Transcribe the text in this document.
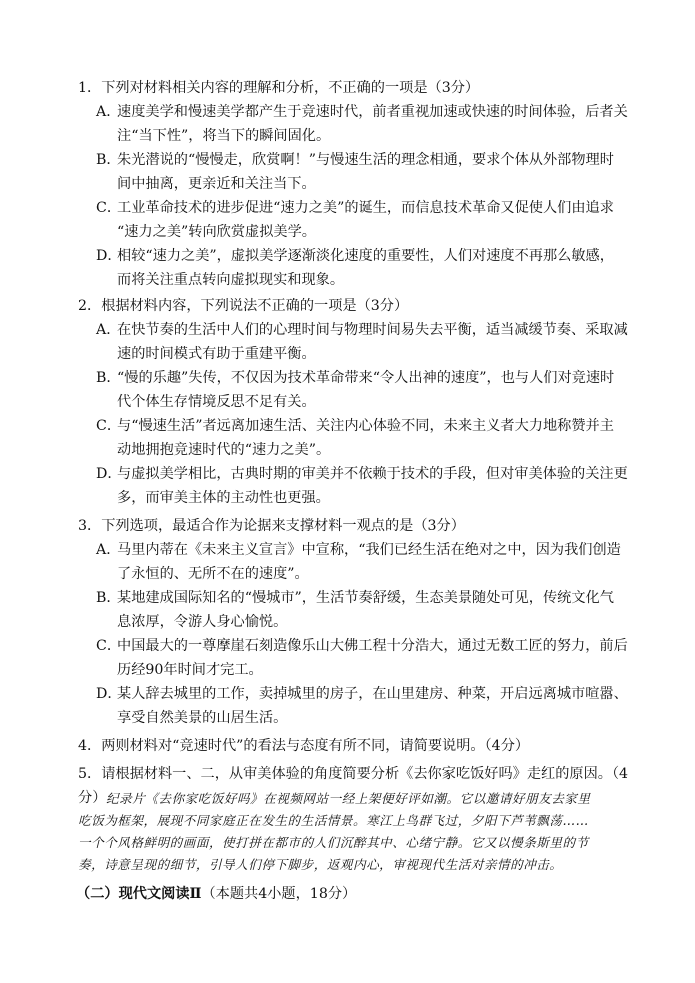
1．下列对材料相关内容的理解和分析，不正确的一项是（3分）
A．速度美学和慢速美学都产生于竞速时代，前者重视加速或快速的时间体验，后者关
注“当下性”，将当下的瞬间固化。
B．朱光潜说的“慢慢走，欣赏啊！”与慢速生活的理念相通，要求个体从外部物理时
间中抽离，更亲近和关注当下。
C．工业革命技术的进步促进“速力之美”的诞生，而信息技术革命又促使人们由追求
“速力之美”转向欣赏虚拟美学。
D．相较“速力之美”，虚拟美学逐渐淡化速度的重要性，人们对速度不再那么敏感，
而将关注重点转向虚拟现实和现象。
2．根据材料内容，下列说法不正确的一项是（3分）
A．在快节奏的生活中人们的心理时间与物理时间易失去平衡，适当减缓节奏、采取减
速的时间模式有助于重建平衡。
B．“慢的乐趣”失传，不仅因为技术革命带来“令人出神的速度”，也与人们对竞速时
代个体生存情境反思不足有关。
C．与“慢速生活”者远离加速生活、关注内心体验不同，未来主义者大力地称赞并主
动地拥抱竞速时代的“速力之美”。
D．与虚拟美学相比，古典时期的审美并不依赖于技术的手段，但对审美体验的关注更
多，而审美主体的主动性也更强。
3．下列选项，最适合作为论据来支撑材料一观点的是（3分）
A．马里内蒂在《未来主义宣言》中宣称，“我们已经生活在绝对之中，因为我们创造
了永恒的、无所不在的速度”。
B．某地建成国际知名的“慢城市”，生活节奏舒缓，生态美景随处可见，传统文化气
息浓厚，令游人身心愉悦。
C．中国最大的一尊摩崖石刻造像乐山大佛工程十分浩大，通过无数工匠的努力，前后
历经90年时间才完工。
D．某人辞去城里的工作，卖掉城里的房子，在山里建房、种菜，开启远离城市喧嚣、
享受自然美景的山居生活。
4．两则材料对“竞速时代”的看法与态度有所不同，请简要说明。（4分）
5．请根据材料一、二，从审美体验的角度简要分析《去你家吃饭好吗》走红的原因。（4分） 纪录片《去你家吃饭好吗》在视频网站一经上架便好评如潮。它以邀请好朋友去家里
吃饭为框架，展现不同家庭正在发生的生活情景。寒江上鸟群飞过，夕阳下芦苇飘荡……
一个个风格鲜明的画面，使打拼在都市的人们沉醉其中、心绪宁静。它又以慢条斯里的节
奏，诗意呈现的细节，引导人们停下脚步，返观内心，审视现代生活对亲情的冲击。
（二）现代文阅读Ⅱ（本题共4小题，18分）
